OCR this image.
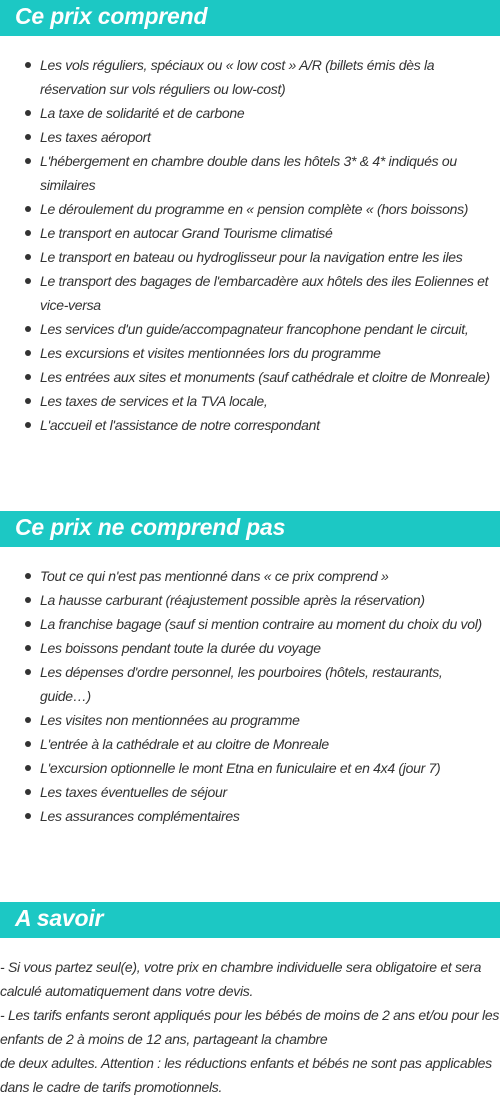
Ce prix comprend
Les vols réguliers, spéciaux ou « low cost » A/R (billets émis dès la réservation sur vols réguliers ou low-cost)
La taxe de solidarité et de carbone
Les taxes aéroport
L'hébergement en chambre double dans les hôtels 3* & 4* indiqués ou similaires
Le déroulement du programme en « pension complète « (hors boissons)
Le transport en autocar Grand Tourisme climatisé
Le transport en bateau ou hydroglisseur pour la navigation entre les iles
Le transport des bagages de l'embarcadère aux hôtels des iles Eoliennes et vice-versa
Les services d'un guide/accompagnateur francophone pendant le circuit,
Les excursions et visites mentionnées lors du programme
Les entrées aux sites et monuments (sauf cathédrale et cloitre de Monreale)
Les taxes de services et la TVA locale,
L'accueil et l'assistance de notre correspondant
Ce prix ne comprend pas
Tout ce qui n'est pas mentionné dans « ce prix comprend »
La hausse carburant (réajustement possible après la réservation)
La franchise bagage (sauf si mention contraire au moment du choix du vol)
Les boissons pendant toute la durée du voyage
Les dépenses d'ordre personnel, les pourboires (hôtels, restaurants, guide…)
Les visites non mentionnées au programme
L'entrée à la cathédrale et au cloitre de Monreale
L'excursion optionnelle le mont Etna en funiculaire et en 4x4 (jour 7)
Les taxes éventuelles de séjour
Les assurances complémentaires
A savoir

- Si vous partez seul(e), votre prix en chambre individuelle sera obligatoire et sera calculé automatiquement dans votre devis.

- Les tarifs enfants seront appliqués pour les bébés de moins de 2 ans et/ou pour les enfants de 2 à moins de 12 ans, partageant la chambre

de deux adultes. Attention : les réductions enfants et bébés ne sont pas applicables dans le cadre de tarifs promotionnels.
